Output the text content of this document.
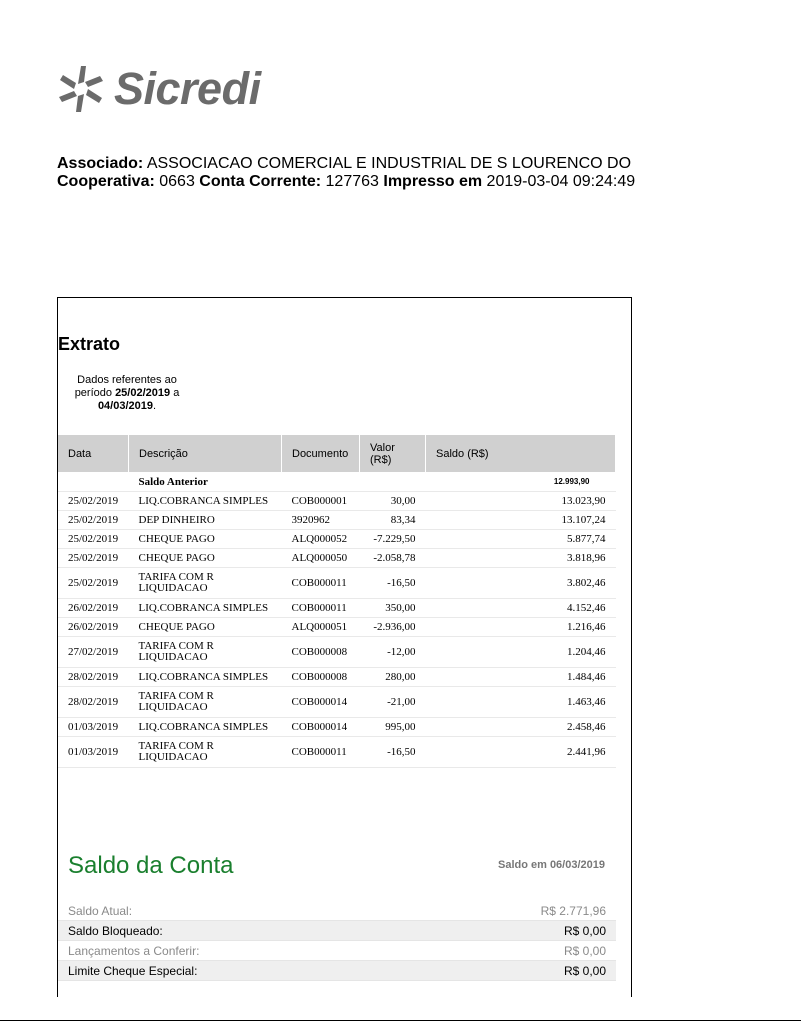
Sicredi
Associado: ASSOCIACAO COMERCIAL E INDUSTRIAL DE S LOURENCO DO
Cooperativa: 0663 Conta Corrente: 127763 Impresso em 2019-03-04 09:24:49
Extrato
Dados referentes ao período 25/02/2019 a 04/03/2019.
Data	Descrição	Documento	Valor (R$)	Saldo (R$)
	Saldo Anterior			12.993,90
25/02/2019	LIQ.COBRANCA SIMPLES	COB000001	30,00	13.023,90
25/02/2019	DEP DINHEIRO	3920962	83,34	13.107,24
25/02/2019	CHEQUE PAGO	ALQ000052	-7.229,50	5.877,74
25/02/2019	CHEQUE PAGO	ALQ000050	-2.058,78	3.818,96
25/02/2019	TARIFA COM R LIQUIDACAO	COB000011	-16,50	3.802,46
26/02/2019	LIQ.COBRANCA SIMPLES	COB000011	350,00	4.152,46
26/02/2019	CHEQUE PAGO	ALQ000051	-2.936,00	1.216,46
27/02/2019	TARIFA COM R LIQUIDACAO	COB000008	-12,00	1.204,46
28/02/2019	LIQ.COBRANCA SIMPLES	COB000008	280,00	1.484,46
28/02/2019	TARIFA COM R LIQUIDACAO	COB000014	-21,00	1.463,46
01/03/2019	LIQ.COBRANCA SIMPLES	COB000014	995,00	2.458,46
01/03/2019	TARIFA COM R LIQUIDACAO	COB000011	-16,50	2.441,96
Saldo da Conta	Saldo em 06/03/2019
Saldo Atual:	R$ 2.771,96
Saldo Bloqueado:	R$ 0,00
Lançamentos a Conferir:	R$ 0,00
Limite Cheque Especial:	R$ 0,00
